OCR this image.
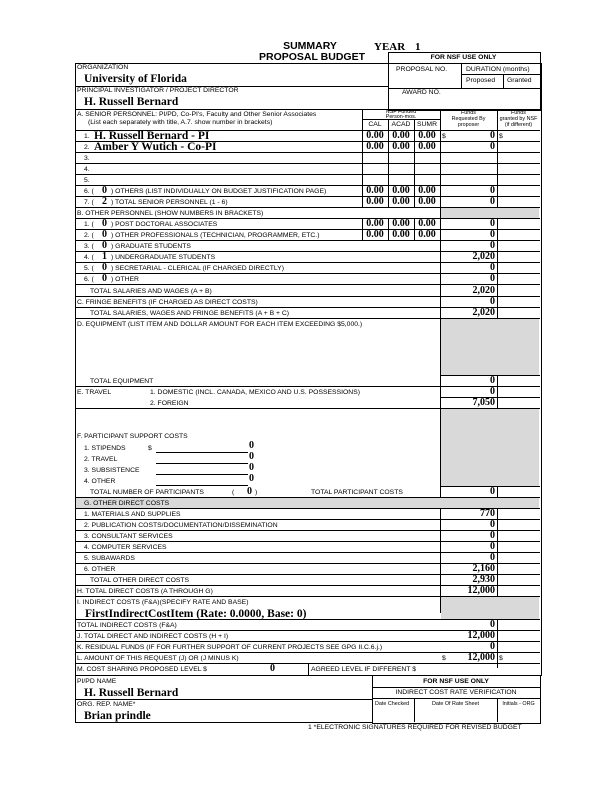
SUMMARY
PROPOSAL BUDGET
YEAR 1
FOR NSF USE ONLY
PROPOSAL NO.	DURATION (months)
Proposed Granted
AWARD NO.
ORGANIZATION
University of Florida
PRINCIPAL INVESTIGATOR / PROJECT DIRECTOR
H. Russell Bernard
A. SENIOR PERSONNEL: PI/PD, Co-PI's, Faculty and Other Senior Associates
(List each separately with title, A.7. show number in brackets)
NSF Funded
Person-mos.
CAL	ACAD SUMR
Funds
Requested By
proposer
Funds
granted by NSF
(if different)
1. H. Russell Bernard - PI	0.00 0.00 0.00 $	0 $
2. Amber Y Wutich - Co-PI	0.00 0.00 0.00	0
3.
4.
5.
6. ( 0 ) OTHERS (LIST INDIVIDUALLY ON BUDGET JUSTIFICATION PAGE)	0.00 0.00 0.00	0
7. ( 2 ) TOTAL SENIOR PERSONNEL (1 - 6)	0.00 0.00 0.00	0
B. OTHER PERSONNEL (SHOW NUMBERS IN BRACKETS)
1. ( 0 ) POST DOCTORAL ASSOCIATES	0.00 0.00 0.00	0
2. ( 0 ) OTHER PROFESSIONALS (TECHNICIAN, PROGRAMMER, ETC.)	0.00 0.00 0.00	0
3. ( 0 ) GRADUATE STUDENTS	0
4. ( 1 ) UNDERGRADUATE STUDENTS	2,020
5. ( 0 ) SECRETARIAL - CLERICAL (IF CHARGED DIRECTLY)	0
6. ( 0 ) OTHER	0
TOTAL SALARIES AND WAGES (A + B)	2,020
C. FRINGE BENEFITS (IF CHARGED AS DIRECT COSTS)	0
TOTAL SALARIES, WAGES AND FRINGE BENEFITS (A + B + C)	2,020
D. EQUIPMENT (LIST ITEM AND DOLLAR AMOUNT FOR EACH ITEM EXCEEDING $5,000.)
TOTAL EQUIPMENT	0
E. TRAVEL	1. DOMESTIC (INCL. CANADA, MEXICO AND U.S. POSSESSIONS)	0
2. FOREIGN	7,050
F. PARTICIPANT SUPPORT COSTS
1. STIPENDS	$	0
2. TRAVEL	0
3. SUBSISTENCE	0
4. OTHER	0
TOTAL NUMBER OF PARTICIPANTS	( 0 )	TOTAL PARTICIPANT COSTS	0
G. OTHER DIRECT COSTS
1. MATERIALS AND SUPPLIES	770
2. PUBLICATION COSTS/DOCUMENTATION/DISSEMINATION	0
3. CONSULTANT SERVICES	0
4. COMPUTER SERVICES	0
5. SUBAWARDS	0
6. OTHER	2,160
TOTAL OTHER DIRECT COSTS	2,930
H. TOTAL DIRECT COSTS (A THROUGH G)	12,000
I. INDIRECT COSTS (F&A)(SPECIFY RATE AND BASE)
FirstIndirectCostItem (Rate: 0.0000, Base: 0)
TOTAL INDIRECT COSTS (F&A)	0
J. TOTAL DIRECT AND INDIRECT COSTS (H + I)	12,000
K. RESIDUAL FUNDS (IF FOR FURTHER SUPPORT OF CURRENT PROJECTS SEE GPG II.C.6.j.)	0
L. AMOUNT OF THIS REQUEST (J) OR (J MINUS K)	$	12,000 $
M. COST SHARING PROPOSED LEVEL $	0	AGREED LEVEL IF DIFFERENT $
PI/PD NAME
H. Russell Bernard
ORG. REP. NAME*
Brian prindle
FOR NSF USE ONLY
INDIRECT COST RATE VERIFICATION
Date Checked	Date Of Rate Sheet	Initials - ORG
1 *ELECTRONIC SIGNATURES REQUIRED FOR REVISED BUDGET
